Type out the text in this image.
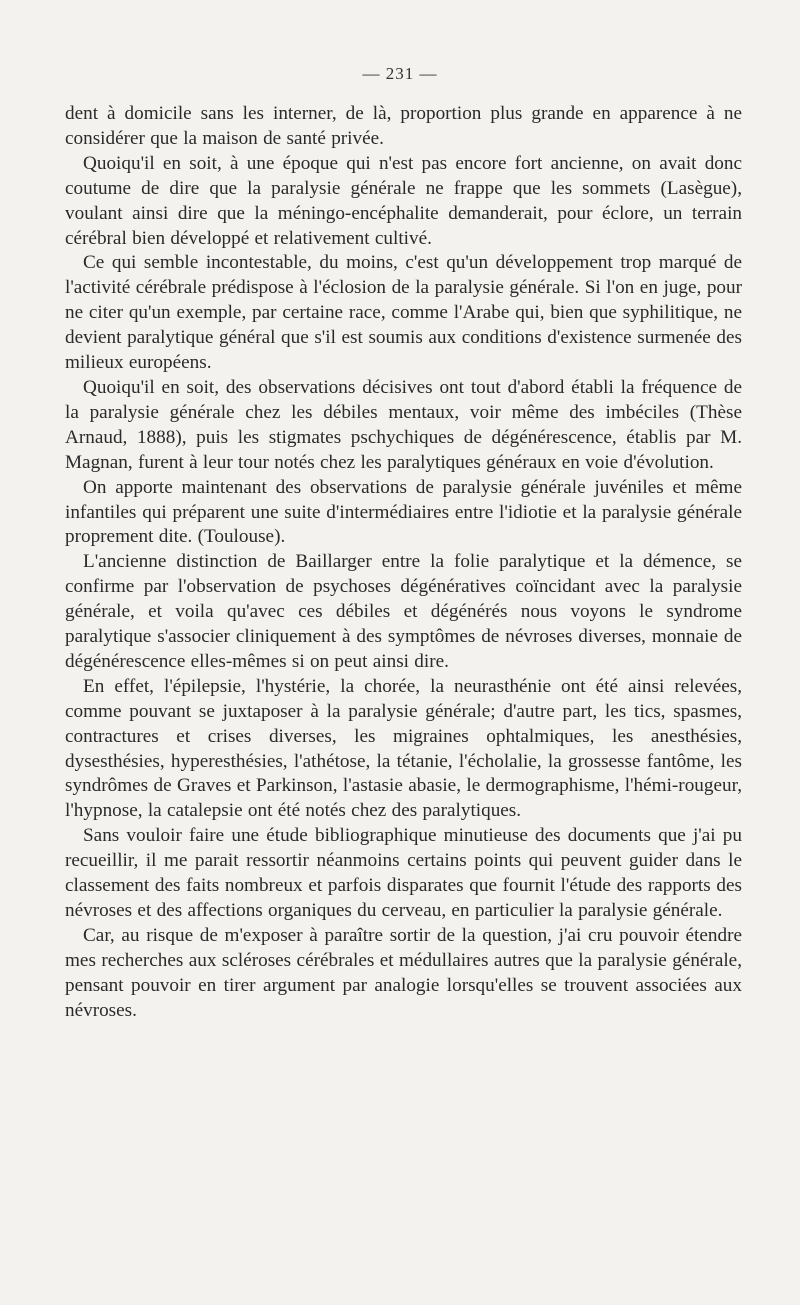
— 231 —

dent à domicile sans les interner, de là, proportion plus grande en apparence à ne considérer que la maison de santé privée.

Quoiqu'il en soit, à une époque qui n'est pas encore fort ancienne, on avait donc coutume de dire que la paralysie générale ne frappe que les sommets (Lasègue), voulant ainsi dire que la méningo-encéphalite demanderait, pour éclore, un terrain cérébral bien développé et relativement cultivé.

Ce qui semble incontestable, du moins, c'est qu'un développement trop marqué de l'activité cérébrale prédispose à l'éclosion de la paralysie générale. Si l'on en juge, pour ne citer qu'un exemple, par certaine race, comme l'Arabe qui, bien que syphilitique, ne devient paralytique général que s'il est soumis aux conditions d'existence surmenée des milieux européens.

Quoiqu'il en soit, des observations décisives ont tout d'abord établi la fréquence de la paralysie générale chez les débiles mentaux, voir même des imbéciles (Thèse Arnaud, 1888), puis les stigmates pschychiques de dégénérescence, établis par M. Magnan, furent à leur tour notés chez les paralytiques généraux en voie d'évolution.

On apporte maintenant des observations de paralysie générale juvéniles et même infantiles qui préparent une suite d'intermédiaires entre l'idiotie et la paralysie générale proprement dite. (Toulouse).

L'ancienne distinction de Baillarger entre la folie paralytique et la démence, se confirme par l'observation de psychoses dégénératives coïncidant avec la paralysie générale, et voila qu'avec ces débiles et dégénérés nous voyons le syndrome paralytique s'associer cliniquement à des symptômes de névroses diverses, monnaie de dégénérescence elles-mêmes si on peut ainsi dire.

En effet, l'épilepsie, l'hystérie, la chorée, la neurasthénie ont été ainsi relevées, comme pouvant se juxtaposer à la paralysie générale; d'autre part, les tics, spasmes, contractures et crises diverses, les migraines ophtalmiques, les anesthésies, dysesthésies, hyperesthésies, l'athétose, la tétanie, l'écholalie, la grossesse fantôme, les syndrômes de Graves et Parkinson, l'astasie abasie, le dermographisme, l'hémi-rougeur, l'hypnose, la catalepsie ont été notés chez des paralytiques.

Sans vouloir faire une étude bibliographique minutieuse des documents que j'ai pu recueillir, il me parait ressortir néanmoins certains points qui peuvent guider dans le classement des faits nombreux et parfois disparates que fournit l'étude des rapports des névroses et des affections organiques du cerveau, en particulier la paralysie générale.

Car, au risque de m'exposer à paraître sortir de la question, j'ai cru pouvoir étendre mes recherches aux scléroses cérébrales et médullaires autres que la paralysie générale, pensant pouvoir en tirer argument par analogie lorsqu'elles se trouvent associées aux névroses.
